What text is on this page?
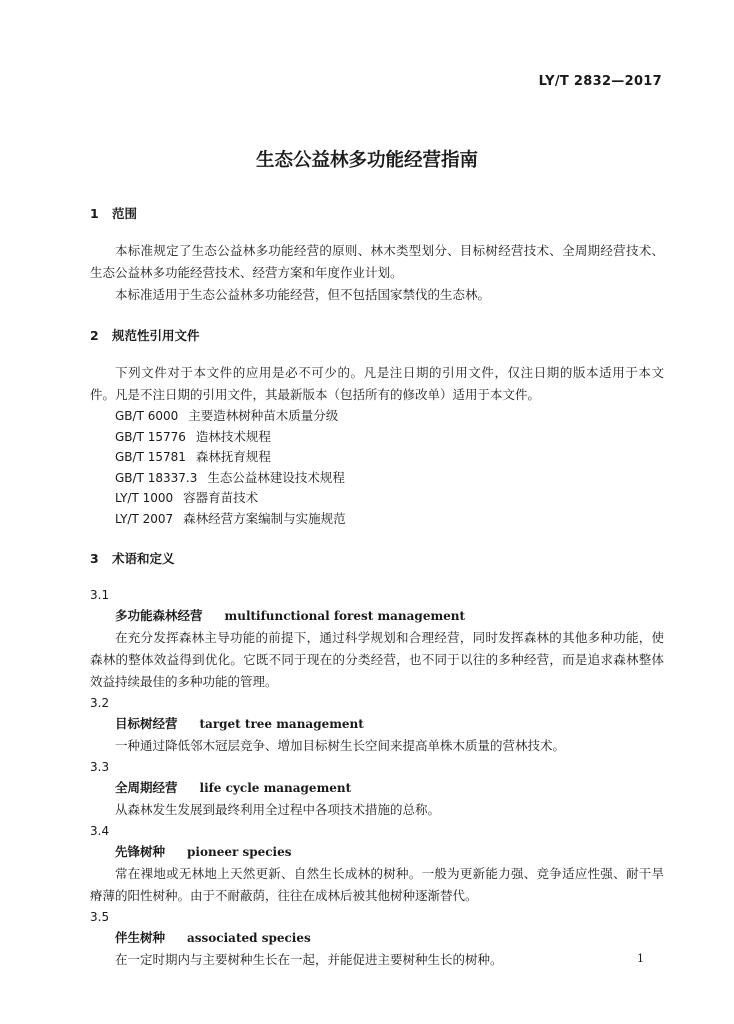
LY/T 2832—2017
生态公益林多功能经营指南
1 范围

本标准规定了生态公益林多功能经营的原则、林木类型划分、目标树经营技术、全周期经营技术、生态公益林多功能经营技术、经营方案和年度作业计划。

本标准适用于生态公益林多功能经营，但不包括国家禁伐的生态林。

2 规范性引用文件

下列文件对于本文件的应用是必不可少的。凡是注日期的引用文件，仅注日期的版本适用于本文件。凡是不注日期的引用文件，其最新版本（包括所有的修改单）适用于本文件。

GB/T 6000 主要造林树种苗木质量分级
GB/T 15776 造林技术规程
GB/T 15781 森林抚育规程
GB/T 18337.3 生态公益林建设技术规程
LY/T 1000 容器育苗技术
LY/T 2007 森林经营方案编制与实施规范
3 术语和定义
3.1
多功能森林经营 multifunctional forest management

在充分发挥森林主导功能的前提下，通过科学规划和合理经营，同时发挥森林的其他多种功能，使森林的整体效益得到优化。它既不同于现在的分类经营，也不同于以往的多种经营，而是追求森林整体效益持续最佳的多种功能的管理。

3.2
目标树经营 target tree management

一种通过降低邻木冠层竞争、增加目标树生长空间来提高单株木质量的营林技术。

3.3
全周期经营 life cycle management

从森林发生发展到最终利用全过程中各项技术措施的总称。

3.4
先锋树种 pioneer species

常在裸地或无林地上天然更新、自然生长成林的树种。一般为更新能力强、竞争适应性强、耐干旱瘠薄的阳性树种。由于不耐蔽荫，往往在成林后被其他树种逐渐替代。

3.5
伴生树种 associated species

在一定时期内与主要树种生长在一起，并能促进主要树种生长的树种。	1
